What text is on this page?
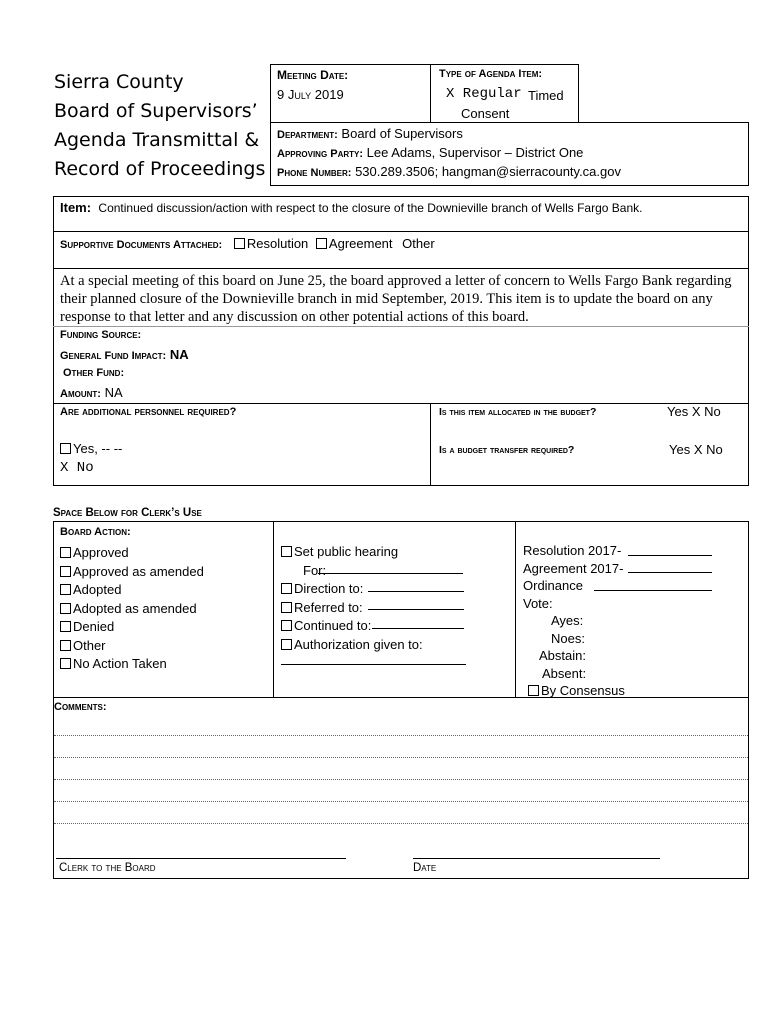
Sierra County
Board of Supervisors’
Agenda Transmittal &
Record of Proceedings
Meeting Date:
9 July 2019
Type of Agenda Item:
X Regular Timed
Consent
Department: Board of Supervisors
Approving Party: Lee Adams, Supervisor – District One
Phone Number: 530.289.3506; hangman@sierracounty.ca.gov
Item: Continued discussion/action with respect to the closure of the Downieville branch of Wells Fargo Bank.
Supportive Documents Attached: Resolution Agreement Other
At a special meeting of this board on June 25, the board approved a letter of concern to Wells Fargo Bank regarding their planned closure of the Downieville branch in mid September, 2019. This item is to update the board on any response to that letter and any discussion on other potential actions of this board.
Funding Source:
General Fund Impact: NA
Other Fund:
Amount: NA
Are additional personnel required?
Yes, -- --
X No
Is this item allocated in the budget?	Yes X No
Is a budget transfer required?	Yes X No
Space Below for Clerk’s Use
Board Action:
Approved
Approved as amended
Adopted
Adopted as amended
Denied
Other
No Action Taken
Set public hearing
For:
Direction to:
Referred to:
Continued to:
Authorization given to:
Resolution 2017-
Agreement 2017-
Ordinance
Vote:
Ayes:
Noes:
Abstain:
Absent:
By Consensus
Comments:
Clerk to the Board	Date
